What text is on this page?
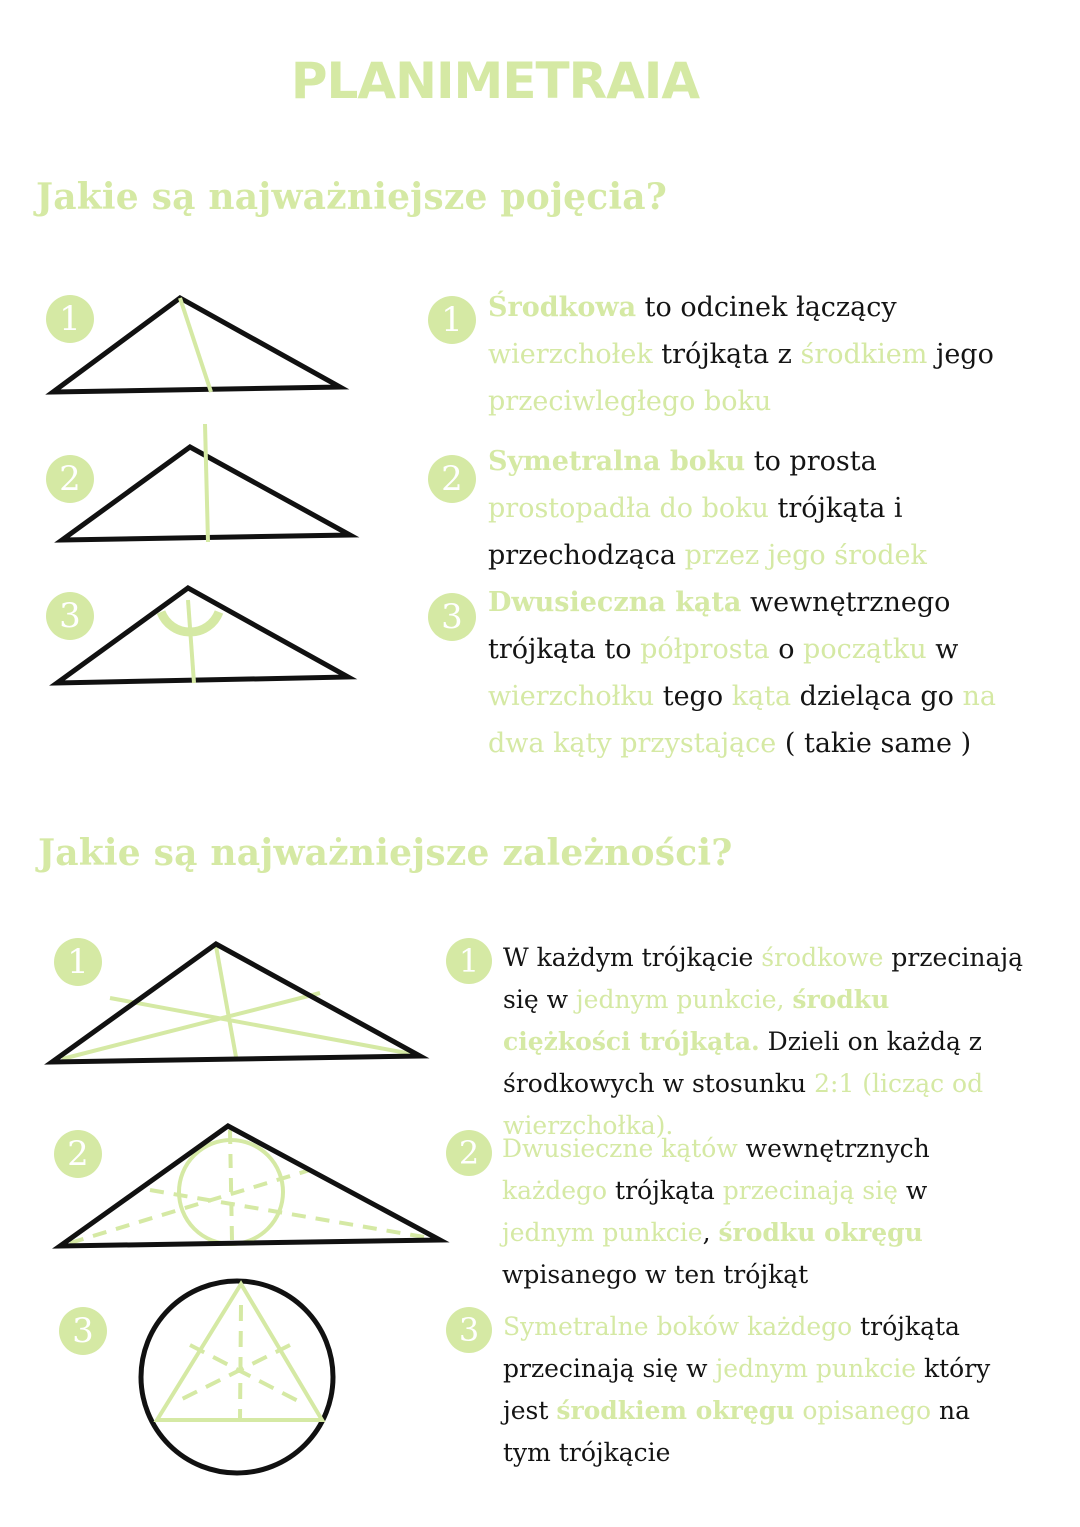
PLANIMETRAIA
Jakie są najważniejsze pojęcia?
1
2
3
1
2
3

Środkowa to odcinek łączący wierzchołek trójkąta z środkiem jego przeciwległego boku

Symetralna boku to prosta prostopadła do boku trójkąta i przechodząca przez jego środek

Dwusieczna kąta wewnętrznego trójkąta to półprosta o początku w wierzchołku tego kąta dzieląca go na dwa kąty przystające ( takie same )

Jakie są najważniejsze zależności?
1
2
3
1
2
3

W każdym trójkącie środkowe przecinają się w jednym punkcie, środku ciężkości trójkąta. Dzieli on każdą z środkowych w stosunku 2:1 (licząc od wierzchołka).

Dwusieczne kątów wewnętrznych każdego trójkąta przecinają się w jednym punkcie, środku okręgu wpisanego w ten trójkąt

Symetralne boków każdego trójkąta przecinają się w jednym punkcie który jest środkiem okręgu opisanego na tym trójkącie
